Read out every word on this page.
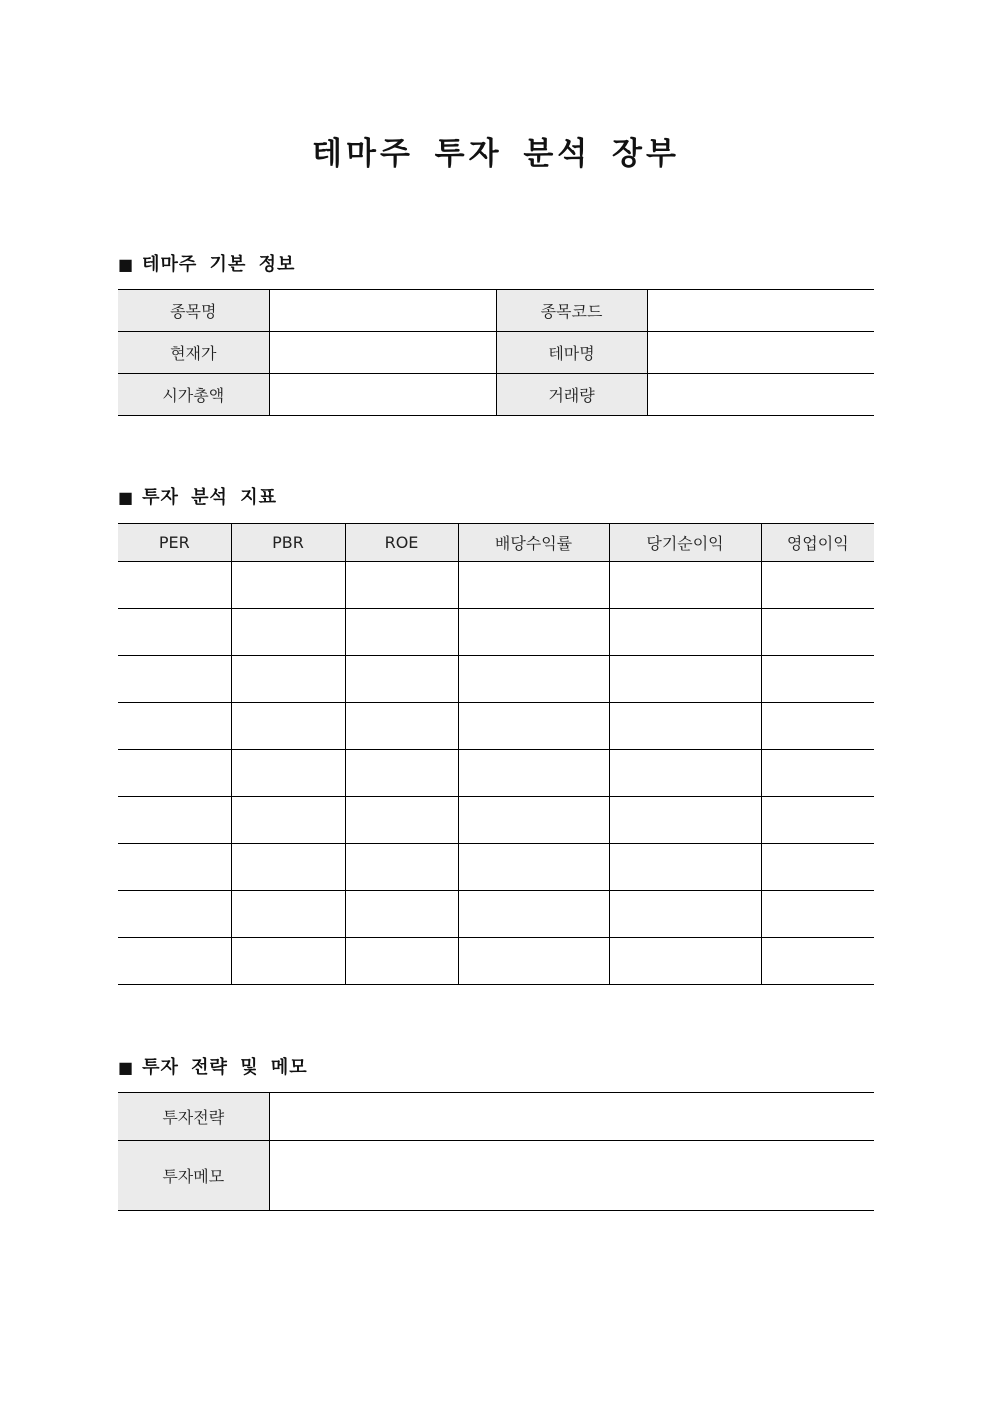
테마주 투자 분석 장부
■ 테마주 기본 정보
종목명		종목코드	
현재가		테마명	
시가총액		거래량	
■ 투자 분석 지표
PER	PBR	ROE	배당수익률	당기순이익	영업이익

■ 투자 전략 및 메모
투자전략	
투자메모	
